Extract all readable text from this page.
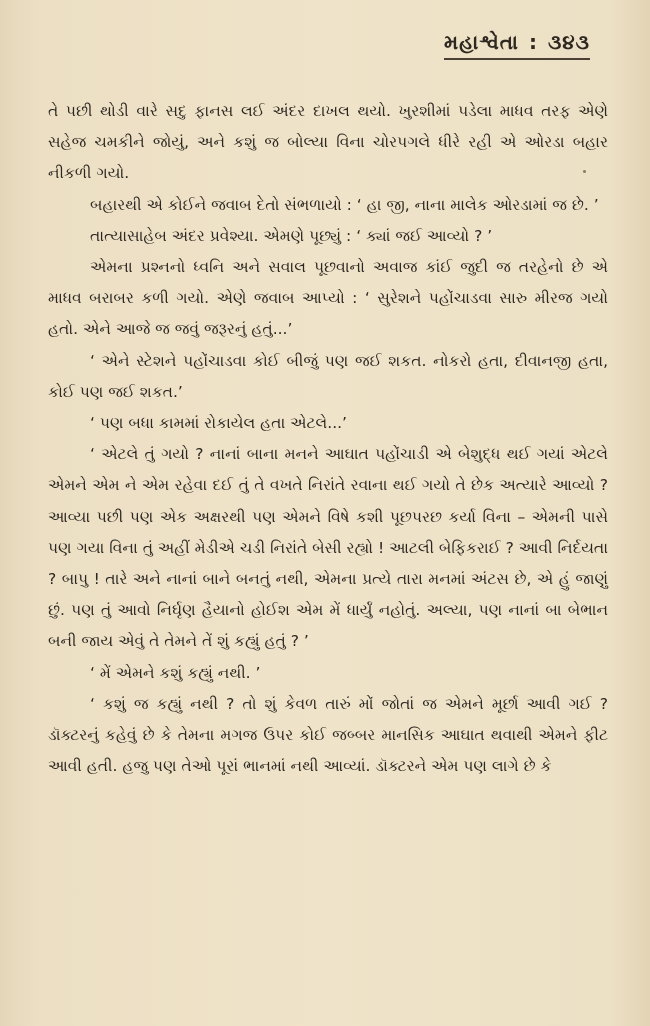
મહાશ્વેતા : ૩૪૩

તે પછી થોડી વારે સદુ ફાનસ લઈ અંદર દાખલ થયો. ખુરશીમાં પડેલા માધવ તરફ એણે સહેજ ચમકીને જોયું, અને કશું જ બોલ્યા વિના ચોરપગલે ધીરે રહી એ ઓરડા બહાર નીકળી ગયો.

બહારથી એ કોઈને જવાબ દેતો સંભળાયો : ‘ હા જી, નાના માલેક ઓરડામાં જ છે. ’

તાત્યાસાહેબ અંદર પ્રવેશ્યા. એમણે પૂછ્યું : ‘ ક્યાં જઈ આવ્યો ? ’

એમના પ્રશ્નનો ધ્વનિ અને સવાલ પૂછવાનો અવાજ કાંઈ જુદી જ તરહેનો છે એ માધવ બરાબર કળી ગયો. એણે જવાબ આપ્યો : ‘ સુરેશને પહોંચાડવા સારુ મીરજ ગયો હતો. એને આજે જ જવું જરૂરનું હતું...’

‘ એને સ્ટેશને પહોંચાડવા કોઈ બીજું પણ જઈ શકત. નોકરો હતા, દીવાનજી હતા, કોઈ પણ જઈ શકત.’

‘ પણ બધા કામમાં રોકાયેલ હતા એટલે...’

‘ એટલે તું ગયો ? નાનાં બાના મનને આઘાત પહોંચાડી એ બેશુદ્ધ થઈ ગયાં એટલે એમને એમ ને એમ રહેવા દઈ તું તે વખતે નિરાંતે રવાના થઈ ગયો તે છેક અત્યારે આવ્યો ? આવ્યા પછી પણ એક અક્ષરથી પણ એમને વિષે કશી પૂછપરછ કર્યા વિના – એમની પાસે પણ ગયા વિના તું અહીં મેડીએ ચડી નિરાંતે બેસી રહ્યો ! આટલી બેફિકરાઈ ? આવી નિર્દયતા ? બાપુ ! તારે અને નાનાં બાને બનતું નથી, એમના પ્રત્યે તારા મનમાં અંટસ છે, એ હું જાણું છું. પણ તું આવો નિર્ઘૃણ હૈયાનો હોઈશ એમ મેં ધાર્યું નહોતું. અલ્યા, પણ નાનાં બા બેભાન બની જાય એવું તે તેમને તેં શું કહ્યું હતું ? ’

‘ મેં એમને કશું કહ્યું નથી. ’

‘ કશું જ કહ્યું નથી ? તો શું કેવળ તારું મોં જોતાં જ એમને મૂર્છા આવી ગઈ ? ડૉક્ટરનું કહેવું છે કે તેમના મગજ ઉપર કોઈ જબ્બર માનસિક આઘાત થવાથી એમને ફીટ આવી હતી. હજુ પણ તેઓ પૂરાં ભાનમાં નથી આવ્યાં. ડૉક્ટરને એમ પણ લાગે છે કે
